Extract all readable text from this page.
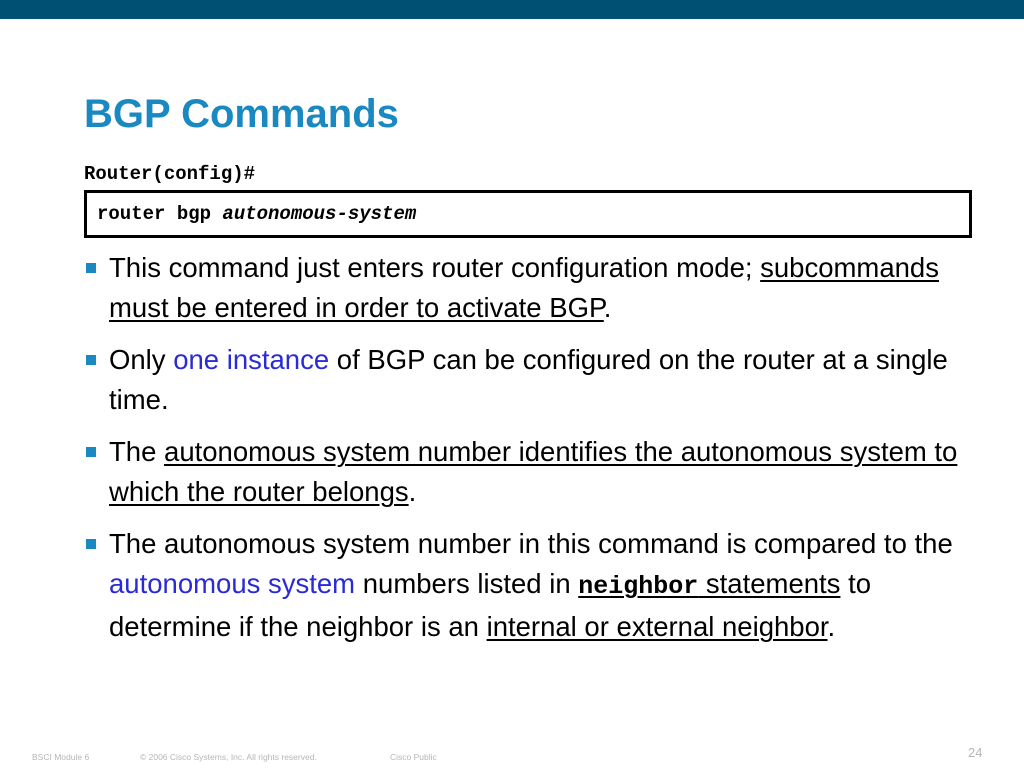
BGP Commands
Router(config)#
router bgp autonomous-system
This command just enters router configuration mode; subcommands must be entered in order to activate BGP.
Only one instance of BGP can be configured on the router at a single time.
The autonomous system number identifies the autonomous system to which the router belongs.
The autonomous system number in this command is compared to the autonomous system numbers listed in neighbor statements to determine if the neighbor is an internal or external neighbor.
BSCI Module 6	© 2006 Cisco Systems, Inc. All rights reserved.	Cisco Public	24
